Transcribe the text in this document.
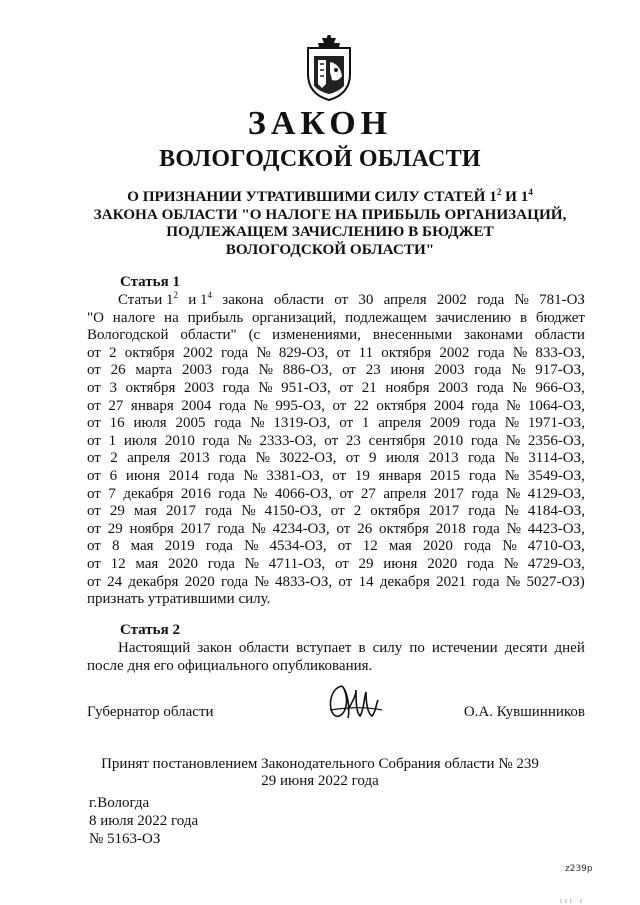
ЗАКОН
ВОЛОГОДСКОЙ ОБЛАСТИ
О ПРИЗНАНИИ УТРАТИВШИМИ СИЛУ СТАТЕЙ $1^2$ И $1^4$
ЗАКОНА ОБЛАСТИ "О НАЛОГЕ НА ПРИБЫЛЬ ОРГАНИЗАЦИЙ,
ПОДЛЕЖАЩЕМ ЗАЧИСЛЕНИЮ В БЮДЖЕТ
ВОЛОГОДСКОЙ ОБЛАСТИ"
Статья 1
Статьи $1^2$ и $1^4$ закона области от 30 апреля 2002 года № 781-ОЗ
"О налоге на прибыль организаций, подлежащем зачислению в бюджет
Вологодской области" (с изменениями, внесенными законами области
от 2 октября 2002 года № 829-ОЗ, от 11 октября 2002 года № 833-ОЗ,
от 26 марта 2003 года № 886-ОЗ, от 23 июня 2003 года № 917-ОЗ,
от 3 октября 2003 года № 951-ОЗ, от 21 ноября 2003 года № 966-ОЗ,
от 27 января 2004 года № 995-ОЗ, от 22 октября 2004 года № 1064-ОЗ,
от 16 июля 2005 года № 1319-ОЗ, от 1 апреля 2009 года № 1971-ОЗ,
от 1 июля 2010 года № 2333-ОЗ, от 23 сентября 2010 года № 2356-ОЗ,
от 2 апреля 2013 года № 3022-ОЗ, от 9 июля 2013 года № 3114-ОЗ,
от 6 июня 2014 года № 3381-ОЗ, от 19 января 2015 года № 3549-ОЗ,
от 7 декабря 2016 года № 4066-ОЗ, от 27 апреля 2017 года № 4129-ОЗ,
от 29 мая 2017 года № 4150-ОЗ, от 2 октября 2017 года № 4184-ОЗ,
от 29 ноября 2017 года № 4234-ОЗ, от 26 октября 2018 года № 4423-ОЗ,
от 8 мая 2019 года № 4534-ОЗ, от 12 мая 2020 года № 4710-ОЗ,
от 12 мая 2020 года № 4711-ОЗ, от 29 июня 2020 года № 4729-ОЗ,
от 24 декабря 2020 года № 4833-ОЗ, от 14 декабря 2021 года № 5027-ОЗ)
признать утратившими силу.
Статья 2
Настоящий закон области вступает в силу по истечении десяти дней
после дня его официального опубликования.
Губернатор области	О.А. Кувшинников
Принят постановлением Законодательного Собрания области № 239
29 июня 2022 года
г.Вологда
8 июля 2022 года
№ 5163-ОЗ
z239р
ııı ı
